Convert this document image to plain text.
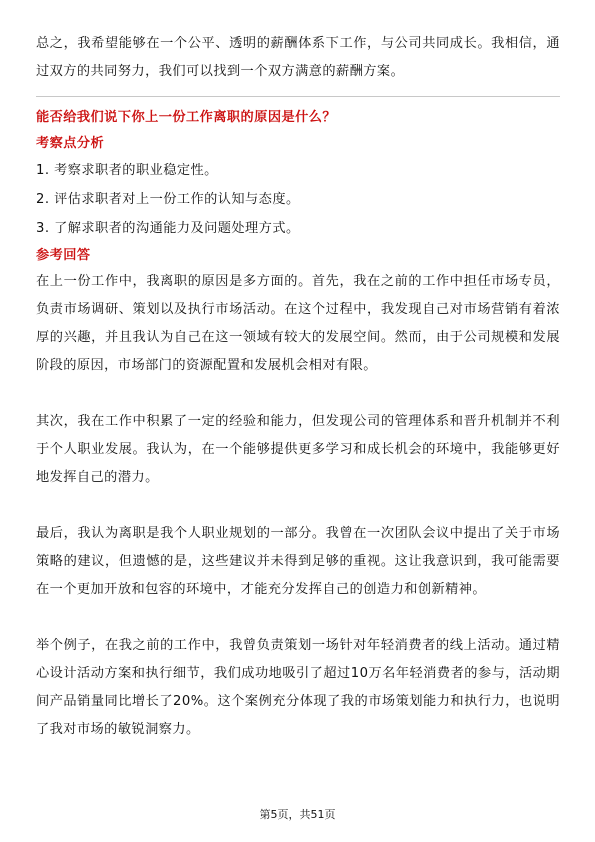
总之，我希望能够在一个公平、透明的薪酬体系下工作，与公司共同成长。我相信，通过双方的共同努力，我们可以找到一个双方满意的薪酬方案。

能否给我们说下你上一份工作离职的原因是什么？

考察点分析

1. 考察求职者的职业稳定性。

2. 评估求职者对上一份工作的认知与态度。

3. 了解求职者的沟通能力及问题处理方式。

参考回答

在上一份工作中，我离职的原因是多方面的。首先，我在之前的工作中担任市场专员，负责市场调研、策划以及执行市场活动。在这个过程中，我发现自己对市场营销有着浓厚的兴趣，并且我认为自己在这一领域有较大的发展空间。然而，由于公司规模和发展阶段的原因，市场部门的资源配置和发展机会相对有限。

其次，我在工作中积累了一定的经验和能力，但发现公司的管理体系和晋升机制并不利于个人职业发展。我认为，在一个能够提供更多学习和成长机会的环境中，我能够更好地发挥自己的潜力。

最后，我认为离职是我个人职业规划的一部分。我曾在一次团队会议中提出了关于市场策略的建议，但遗憾的是，这些建议并未得到足够的重视。这让我意识到，我可能需要在一个更加开放和包容的环境中，才能充分发挥自己的创造力和创新精神。

举个例子，在我之前的工作中，我曾负责策划一场针对年轻消费者的线上活动。通过精心设计活动方案和执行细节，我们成功地吸引了超过10万名年轻消费者的参与，活动期间产品销量同比增长了20%。这个案例充分体现了我的市场策划能力和执行力，也说明了我对市场的敏锐洞察力。

第5页，共51页
